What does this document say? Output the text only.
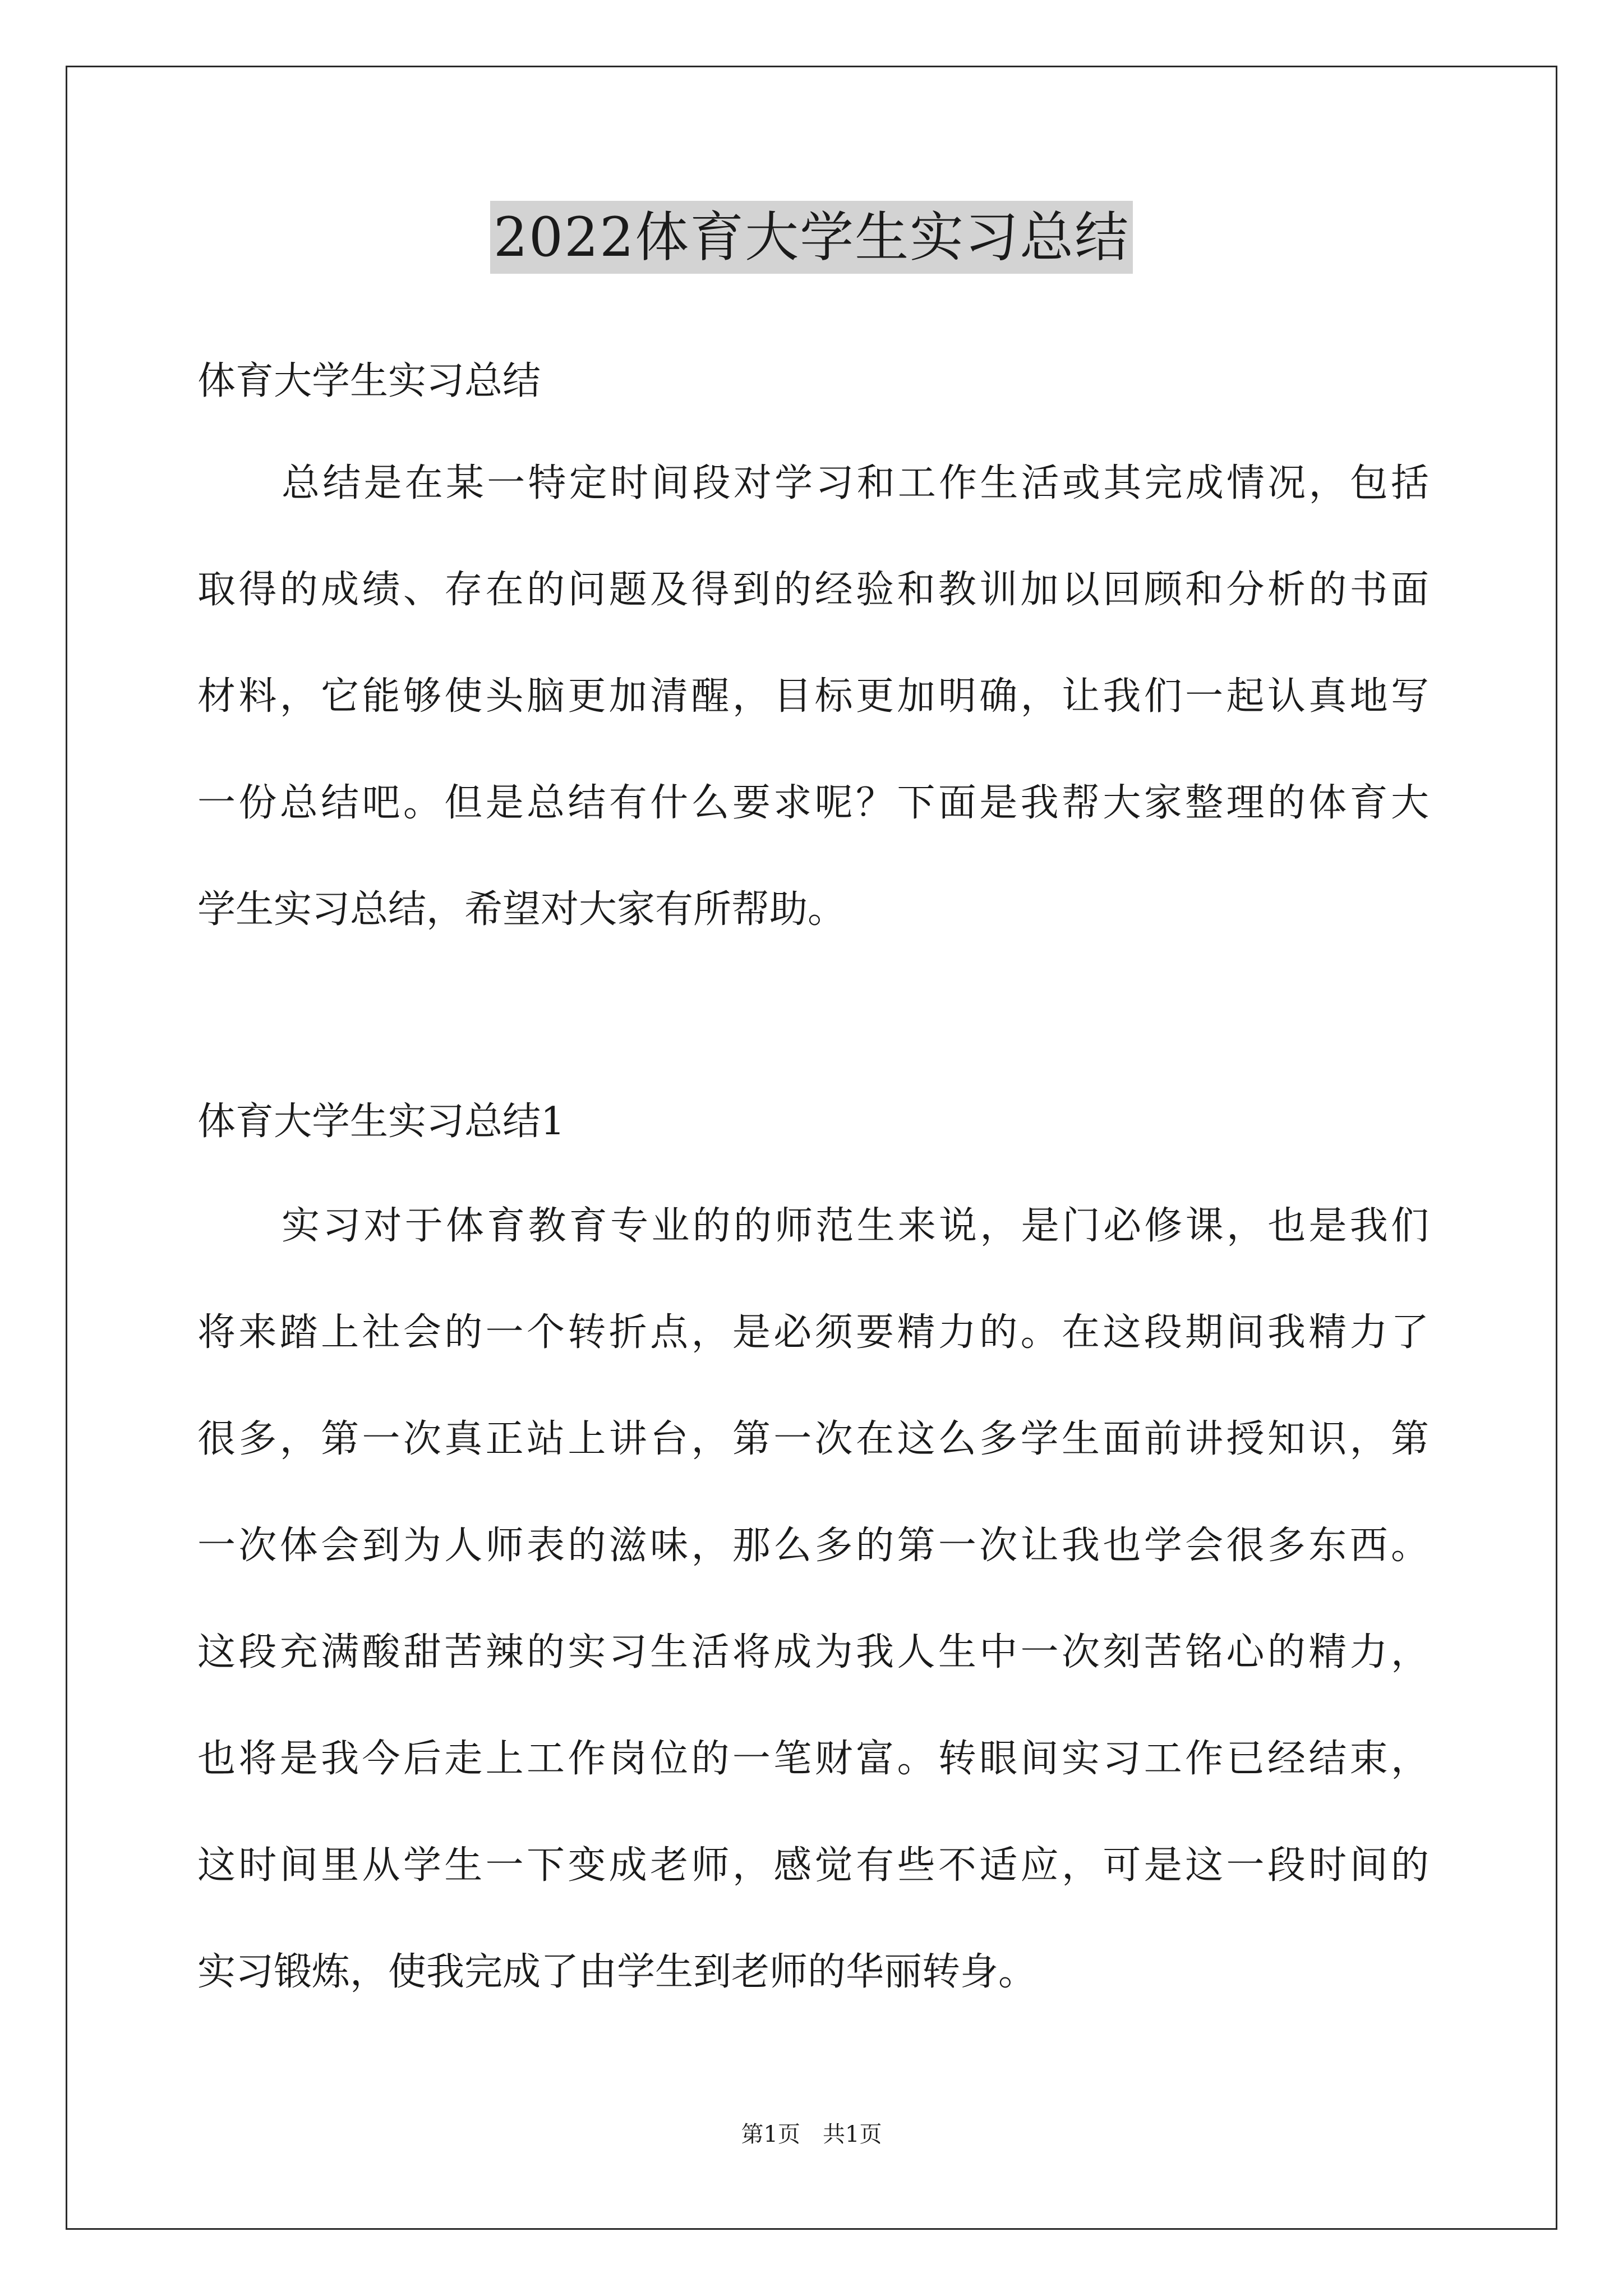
2022体育大学生实习总结
体育大学生实习总结
总结是在某一特定时间段对学习和工作生活或其完成情况，包括
取得的成绩、存在的问题及得到的经验和教训加以回顾和分析的书面
材料，它能够使头脑更加清醒，目标更加明确，让我们一起认真地写
一份总结吧。但是总结有什么要求呢？下面是我帮大家整理的体育大
学生实习总结，希望对大家有所帮助。
体育大学生实习总结1
实习对于体育教育专业的的师范生来说，是门必修课，也是我们
将来踏上社会的一个转折点，是必须要精力的。在这段期间我精力了
很多，第一次真正站上讲台，第一次在这么多学生面前讲授知识，第
一次体会到为人师表的滋味，那么多的第一次让我也学会很多东西。
这段充满酸甜苦辣的实习生活将成为我人生中一次刻苦铭心的精力，
也将是我今后走上工作岗位的一笔财富。转眼间实习工作已经结束，
这时间里从学生一下变成老师，感觉有些不适应，可是这一段时间的
实习锻炼，使我完成了由学生到老师的华丽转身。
第1页　共1页
